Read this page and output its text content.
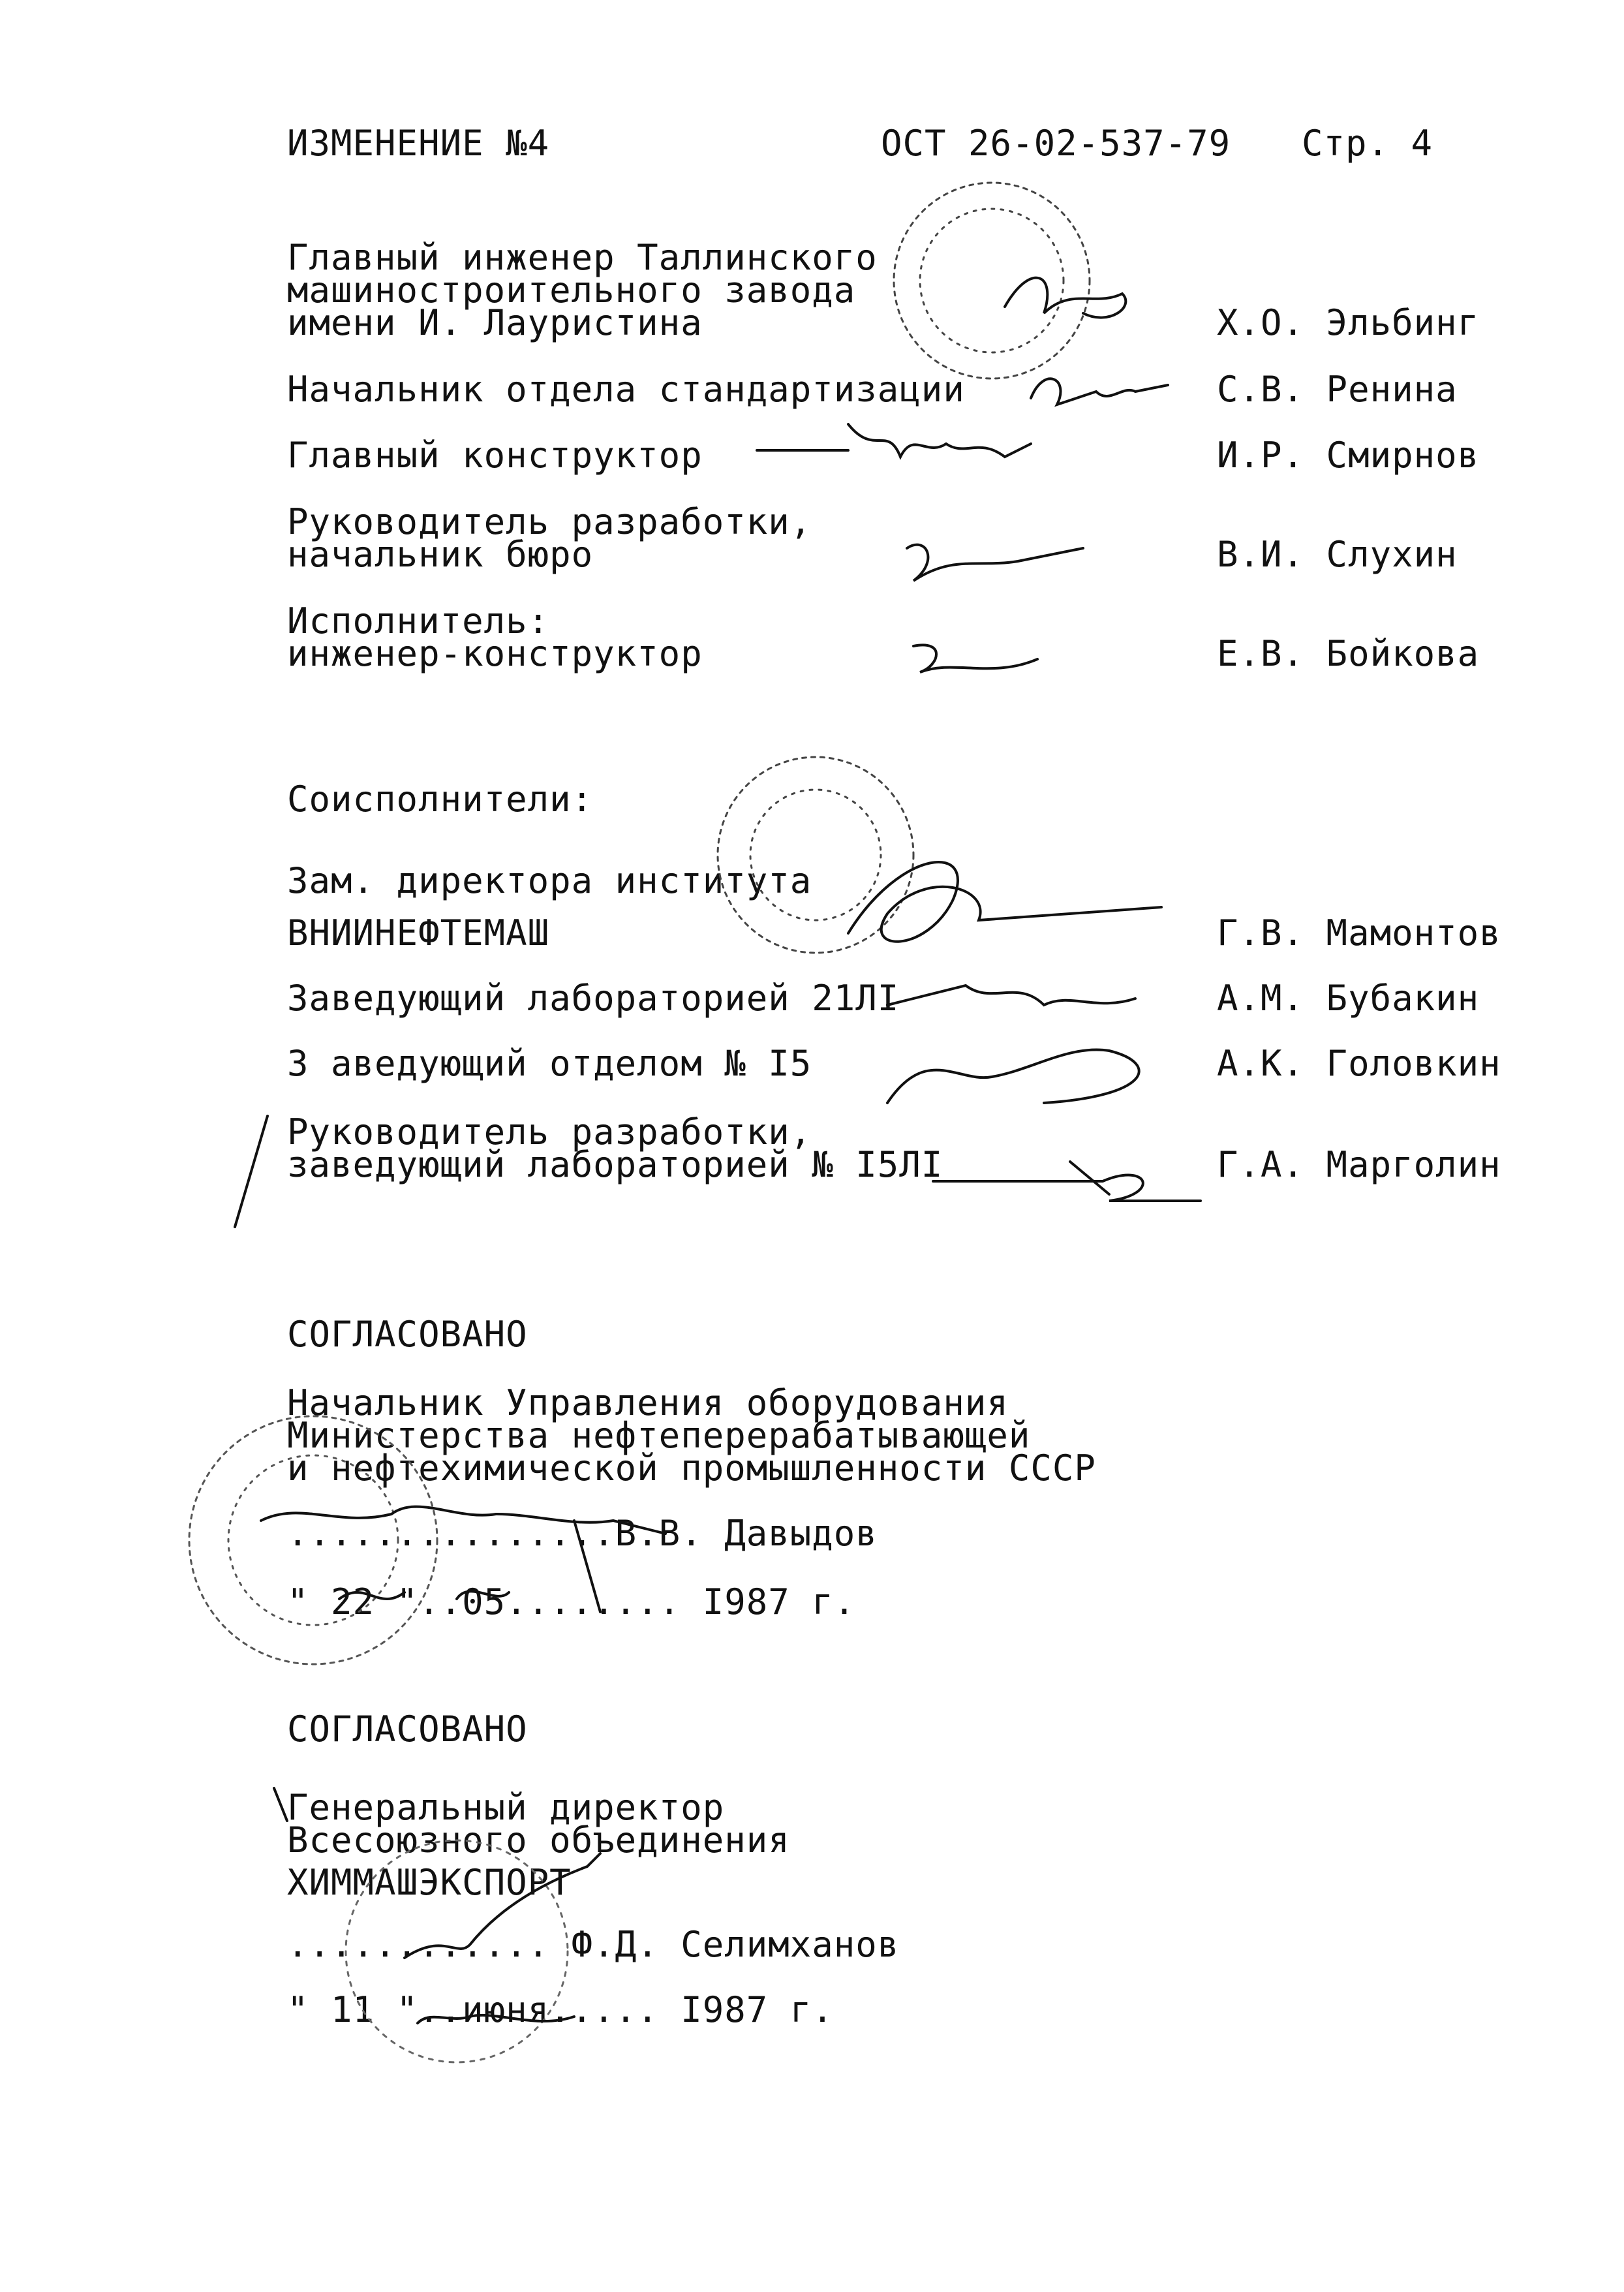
ИЗМЕНЕНИЕ №4	ОСТ 26-02-537-79 Стр. 4
Главный инженер Таллинского
машиностроительного завода
имени И. Лауристина	Х.О. Эльбинг
Начальник отдела стандартизации	С.В. Ренина
Главный конструктор	И.Р. Смирнов
Руководитель разработки,
начальник бюро	В.И. Слухин
Исполнитель:
инженер-конструктор	Е.В. Бойкова
Соисполнители:
Зам. директора института
ВНИИНЕФТЕМАШ	Г.В. Мамонтов
Заведующий лабораторией 21ЛI	А.М. Бубакин
З аведующий отделом № I5	А.К. Головкин
Руководитель разработки,
заведующий лабораторией № I5ЛI	Г.А. Марголин
СОГЛАСОВАНО
Начальник Управления оборудования
Министерства нефтеперерабатывающей
и нефтехимической промышленности СССР
...............В.В. Давыдов
" 22 "..05........ I987 г.
СОГЛАСОВАНО
Генеральный директор
Всесоюзного объединения
ХИММАШЭКСПОРТ
............ Ф.Д. Селимханов
" 11 "..июня..... I987 г.
